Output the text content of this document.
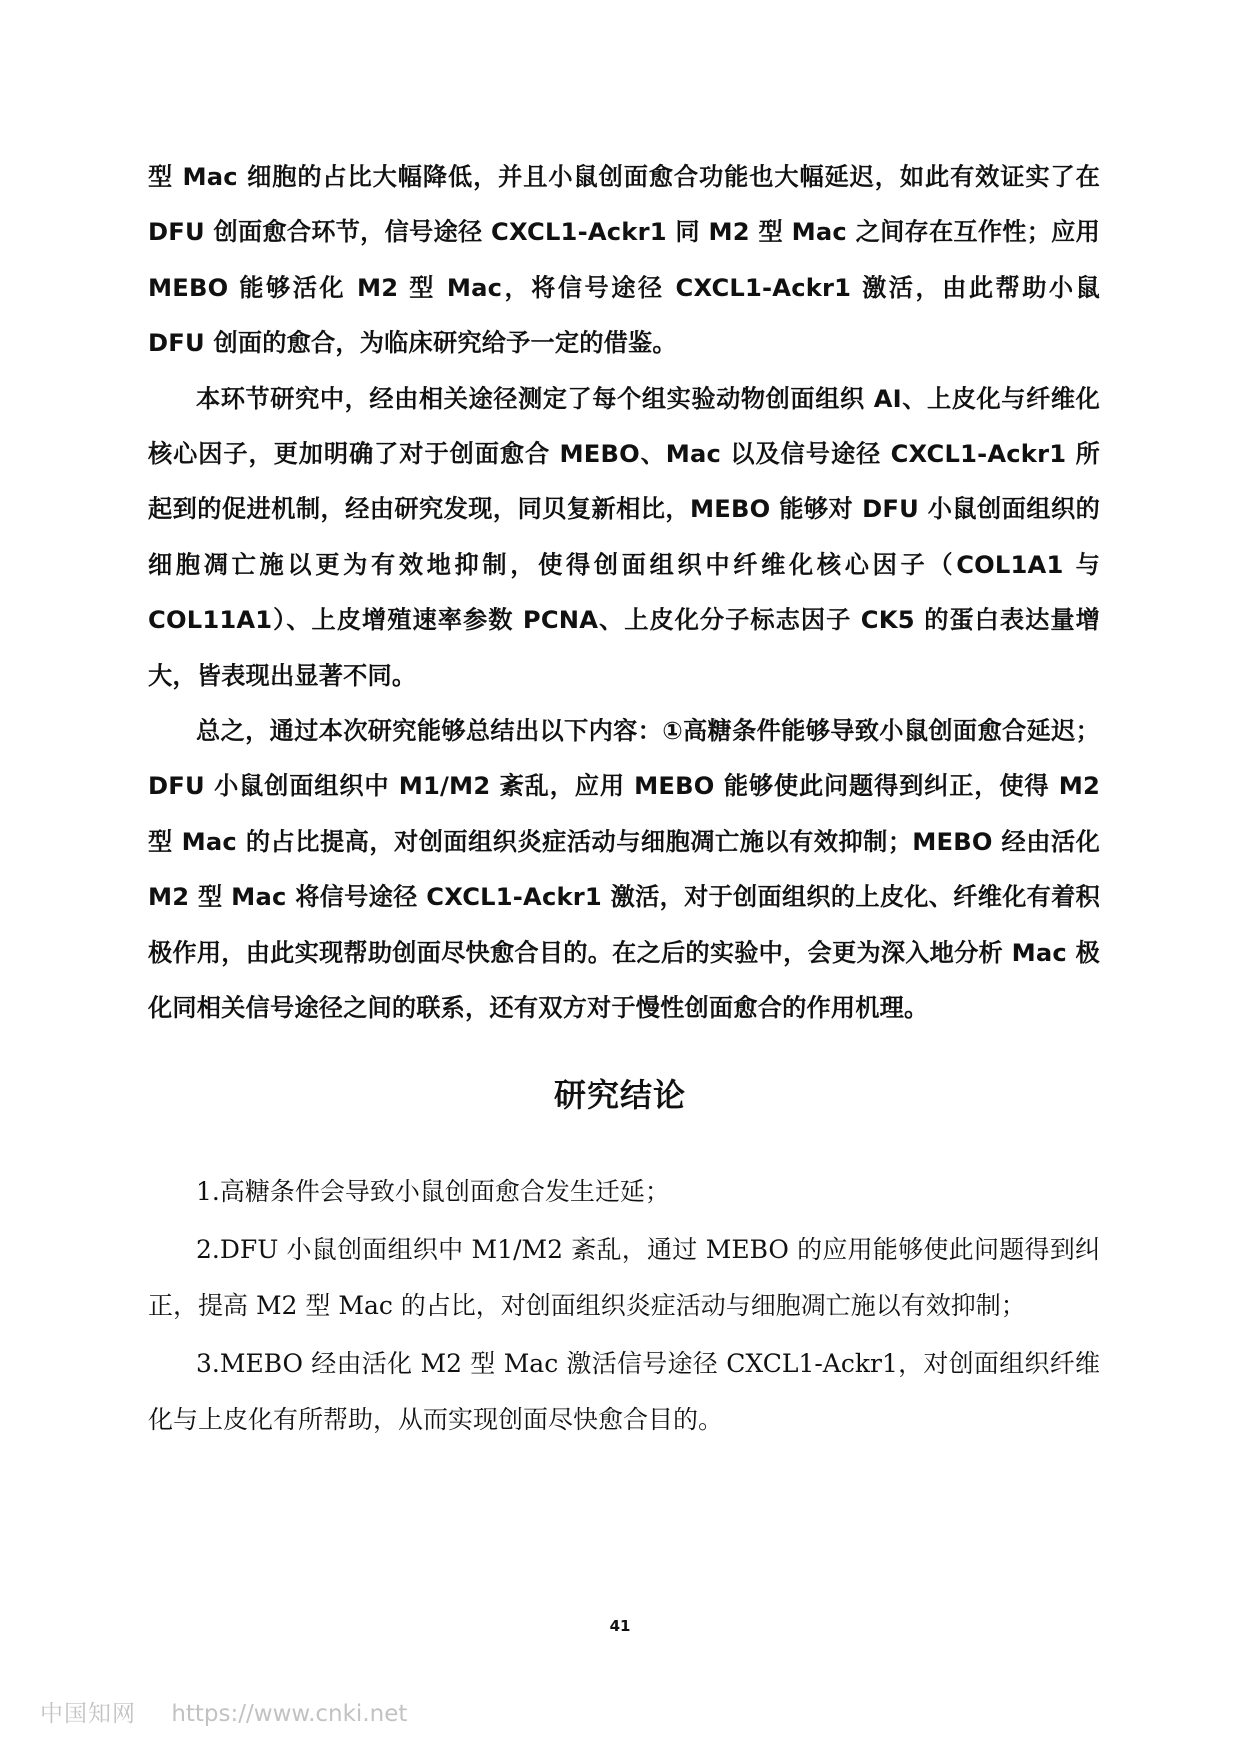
型 Mac 细胞的占比大幅降低，并且小鼠创面愈合功能也大幅延迟，如此有效证实了在DFU 创面愈合环节，信号途径 CXCL1-Ackr1 同 M2 型 Mac 之间存在互作性；应用 MEBO 能够活化 M2 型 Mac，将信号途径 CXCL1-Ackr1 激活，由此帮助小鼠 DFU 创面的愈合，为临床研究给予一定的借鉴。

本环节研究中，经由相关途径测定了每个组实验动物创面组织 AI、上皮化与纤维化核心因子，更加明确了对于创面愈合 MEBO、Mac 以及信号途径 CXCL1-Ackr1 所起到的促进机制，经由研究发现，同贝复新相比，MEBO 能够对 DFU 小鼠创面组织的细胞凋亡施以更为有效地抑制，使得创面组织中纤维化核心因子（COL1A1 与 COL11A1）、上皮增殖速率参数 PCNA、上皮化分子标志因子 CK5 的蛋白表达量增大，皆表现出显著不同。

总之，通过本次研究能够总结出以下内容：①高糖条件能够导致小鼠创面愈合延迟；DFU 小鼠创面组织中 M1/M2 紊乱，应用 MEBO 能够使此问题得到纠正，使得 M2 型 Mac 的占比提高，对创面组织炎症活动与细胞凋亡施以有效抑制；MEBO 经由活化 M2 型 Mac 将信号途径 CXCL1-Ackr1 激活，对于创面组织的上皮化、纤维化有着积极作用，由此实现帮助创面尽快愈合目的。在之后的实验中，会更为深入地分析 Mac 极化同相关信号途径之间的联系，还有双方对于慢性创面愈合的作用机理。

研究结论

1.高糖条件会导致小鼠创面愈合发生迁延；

2.DFU 小鼠创面组织中 M1/M2 紊乱，通过 MEBO 的应用能够使此问题得到纠正，提高 M2 型 Mac 的占比，对创面组织炎症活动与细胞凋亡施以有效抑制；

3.MEBO 经由活化 M2 型 Mac 激活信号途径 CXCL1-Ackr1，对创面组织纤维化与上皮化有所帮助，从而实现创面尽快愈合目的。

41
中国知网 https://www.cnki.net
